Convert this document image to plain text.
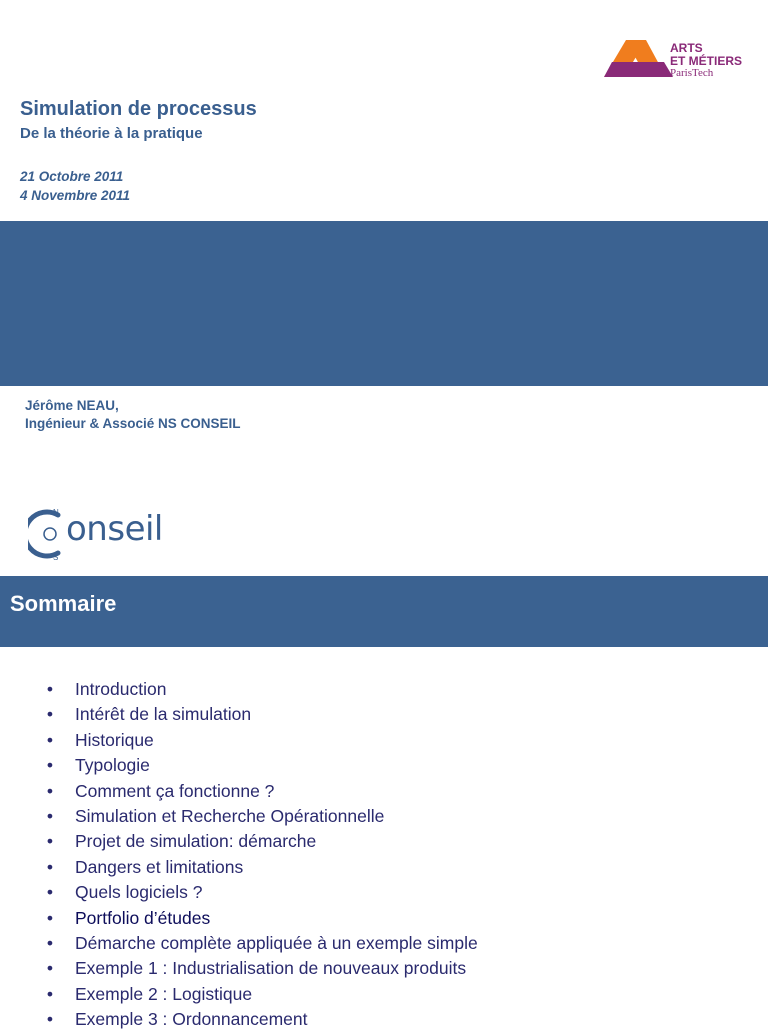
ARTS
ET MÉTIERS
ParisTech
Simulation de processus
De la théorie à la pratique
21 Octobre 2011
4 Novembre 2011
Jérôme NEAU,
Ingénieur & Associé NS CONSEIL
N
S
onseil
Sommaire
• Introduction
• Intérêt de la simulation
• Historique
• Typologie
• Comment ça fonctionne ?
• Simulation et Recherche Opérationnelle
• Projet de simulation: démarche
• Dangers et limitations
• Quels logiciels ?
• Portfolio d’études
• Démarche complète appliquée à un exemple simple
• Exemple 1 : Industrialisation de nouveaux produits
• Exemple 2 : Logistique
• Exemple 3 : Ordonnancement
